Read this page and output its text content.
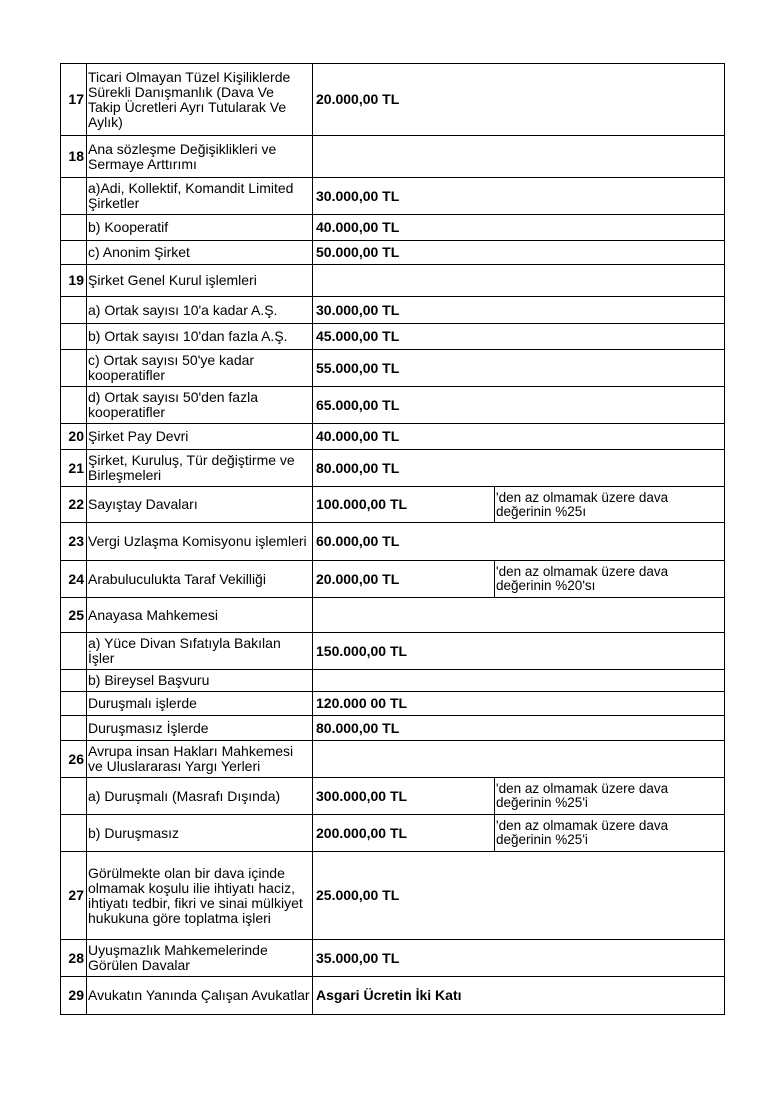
17	Ticari Olmayan Tüzel Kişiliklerde Sürekli Danışmanlık (Dava Ve Takip Ücretleri Ayrı Tutularak Ve Aylık)	20.000,00 TL	
18	Ana sözleşme Değişiklikleri ve Sermaye Arttırımı		
	a)Adi, Kollektif, Komandit Limited Şirketler	30.000,00 TL	
	b) Kooperatif	40.000,00 TL	
	c) Anonim Şirket	50.000,00 TL	
19	Şirket Genel Kurul işlemleri		
	a) Ortak sayısı 10'a kadar A.Ş.	30.000,00 TL	
	b) Ortak sayısı 10'dan fazla A.Ş.	45.000,00 TL	
	c) Ortak sayısı 50'ye kadar kooperatifler	55.000,00 TL	
	d) Ortak sayısı 50'den fazla kooperatifler	65.000,00 TL	
20	Şirket Pay Devri	40.000,00 TL	
21	Şirket, Kuruluş, Tür değiştirme ve Birleşmeleri	80.000,00 TL	
22	Sayıştay Davaları	100.000,00 TL	'den az olmamak üzere dava değerinin %25ı
23	Vergi Uzlaşma Komisyonu işlemleri	60.000,00 TL	
24	Arabuluculukta Taraf Vekilliği	20.000,00 TL	'den az olmamak üzere dava değerinin %20'sı
25	Anayasa Mahkemesi		
	a) Yüce Divan Sıfatıyla Bakılan İşler	150.000,00 TL	
	b) Bireysel Başvuru		
	Duruşmalı işlerde	120.000 00 TL	
	Duruşmasız İşlerde	80.000,00 TL	
26	Avrupa insan Hakları Mahkemesi ve Uluslararası Yargı Yerleri		
	a) Duruşmalı (Masrafı Dışında)	300.000,00 TL	'den az olmamak üzere dava değerinin %25'i
	b) Duruşmasız	200.000,00 TL	'den az olmamak üzere dava değerinin %25'i
27	Görülmekte olan bir dava içinde olmamak koşulu ilie ihtiyatı haciz, ihtiyatı tedbir, fikri ve sinai mülkiyet hukukuna göre toplatma işleri	25.000,00 TL	
28	Uyuşmazlık Mahkemelerinde Görülen Davalar	35.000,00 TL	
29	Avukatın Yanında Çalışan Avukatlar	Asgari Ücretin İki Katı	
